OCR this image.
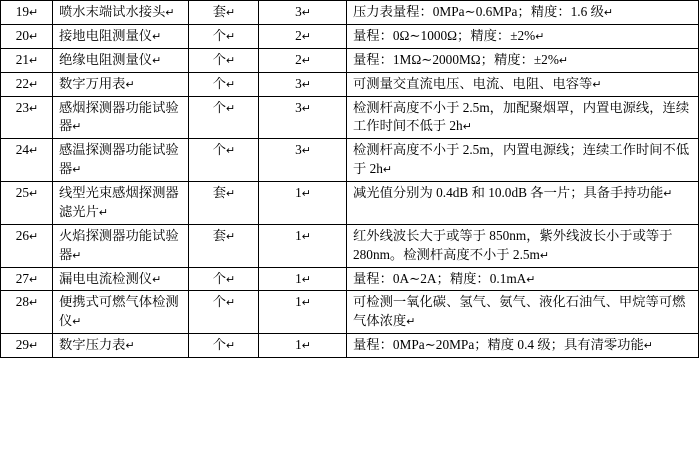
19↵	喷水末端试水接头↵	套↵	3↵	压力表量程：0MPa∼0.6MPa；精度：1.6 级↵
20↵	接地电阻测量仪↵	个↵	2↵	量程：0Ω∼1000Ω；精度：±2%↵
21↵	绝缘电阻测量仪↵	个↵	2↵	量程：1MΩ∼2000MΩ；精度：±2%↵
22↵	数字万用表↵	个↵	3↵	可测量交直流电压、电流、电阻、电容等↵
23↵	感烟探测器功能试验器↵	个↵	3↵	检测杆高度不小于 2.5m，加配聚烟罩，内置电源线，连续工作时间不低于 2h↵
24↵	感温探测器功能试验器↵	个↵	3↵	检测杆高度不小于 2.5m，内置电源线；连续工作时间不低于 2h↵
25↵	线型光束感烟探测器滤光片↵	套↵	1↵	减光值分别为 0.4dB 和 10.0dB 各一片；具备手持功能↵
26↵	火焰探测器功能试验器↵	套↵	1↵	红外线波长大于或等于 850nm，紫外线波长小于或等于 280nm。检测杆高度不小于 2.5m↵
27↵	漏电电流检测仪↵	个↵	1↵	量程：0A∼2A；精度：0.1mA↵
28↵	便携式可燃气体检测仪↵	个↵	1↵	可检测一氧化碳、氢气、氨气、液化石油气、甲烷等可燃气体浓度↵
29↵	数字压力表↵	个↵	1↵	量程：0MPa∼20MPa；精度 0.4 级；具有清零功能↵
